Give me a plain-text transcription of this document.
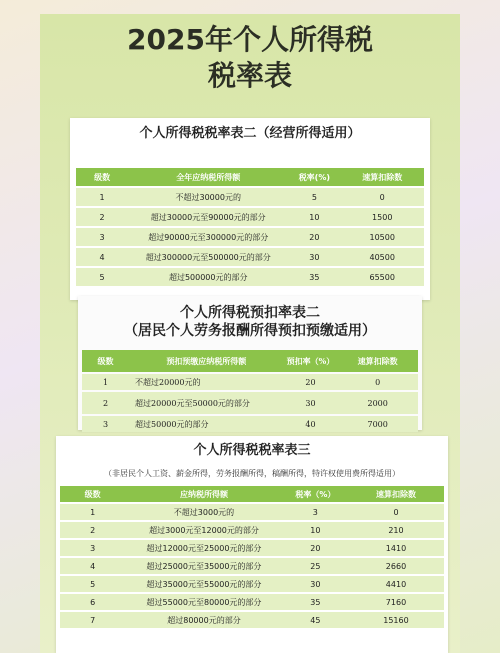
2025年个人所得税
税率表
个人所得税税率表二（经营所得适用）
级数	全年应纳税所得额	税率(%)	速算扣除数
1	不超过30000元的	5	0
2	超过30000元至90000元的部分	10	1500
3	超过90000元至300000元的部分	20	10500
4	超过300000元至500000元的部分	30	40500
5	超过500000元的部分	35	65500
个人所得税预扣率表二
（居民个人劳务报酬所得预扣预缴适用）
级数	预扣预缴应纳税所得额	预扣率（%）	速算扣除数
1	不超过20000元的	20	0
2	超过20000元至50000元的部分	30	2000
3	超过50000元的部分	40	7000
个人所得税税率表三
（非居民个人工资、薪金所得，劳务报酬所得，稿酬所得，特许权使用费所得适用）
级数	应纳税所得额	税率（%）	速算扣除数
1	不超过3000元的	3	0
2	超过3000元至12000元的部分	10	210
3	超过12000元至25000元的部分	20	1410
4	超过25000元至35000元的部分	25	2660
5	超过35000元至55000元的部分	30	4410
6	超过55000元至80000元的部分	35	7160
7	超过80000元的部分	45	15160
